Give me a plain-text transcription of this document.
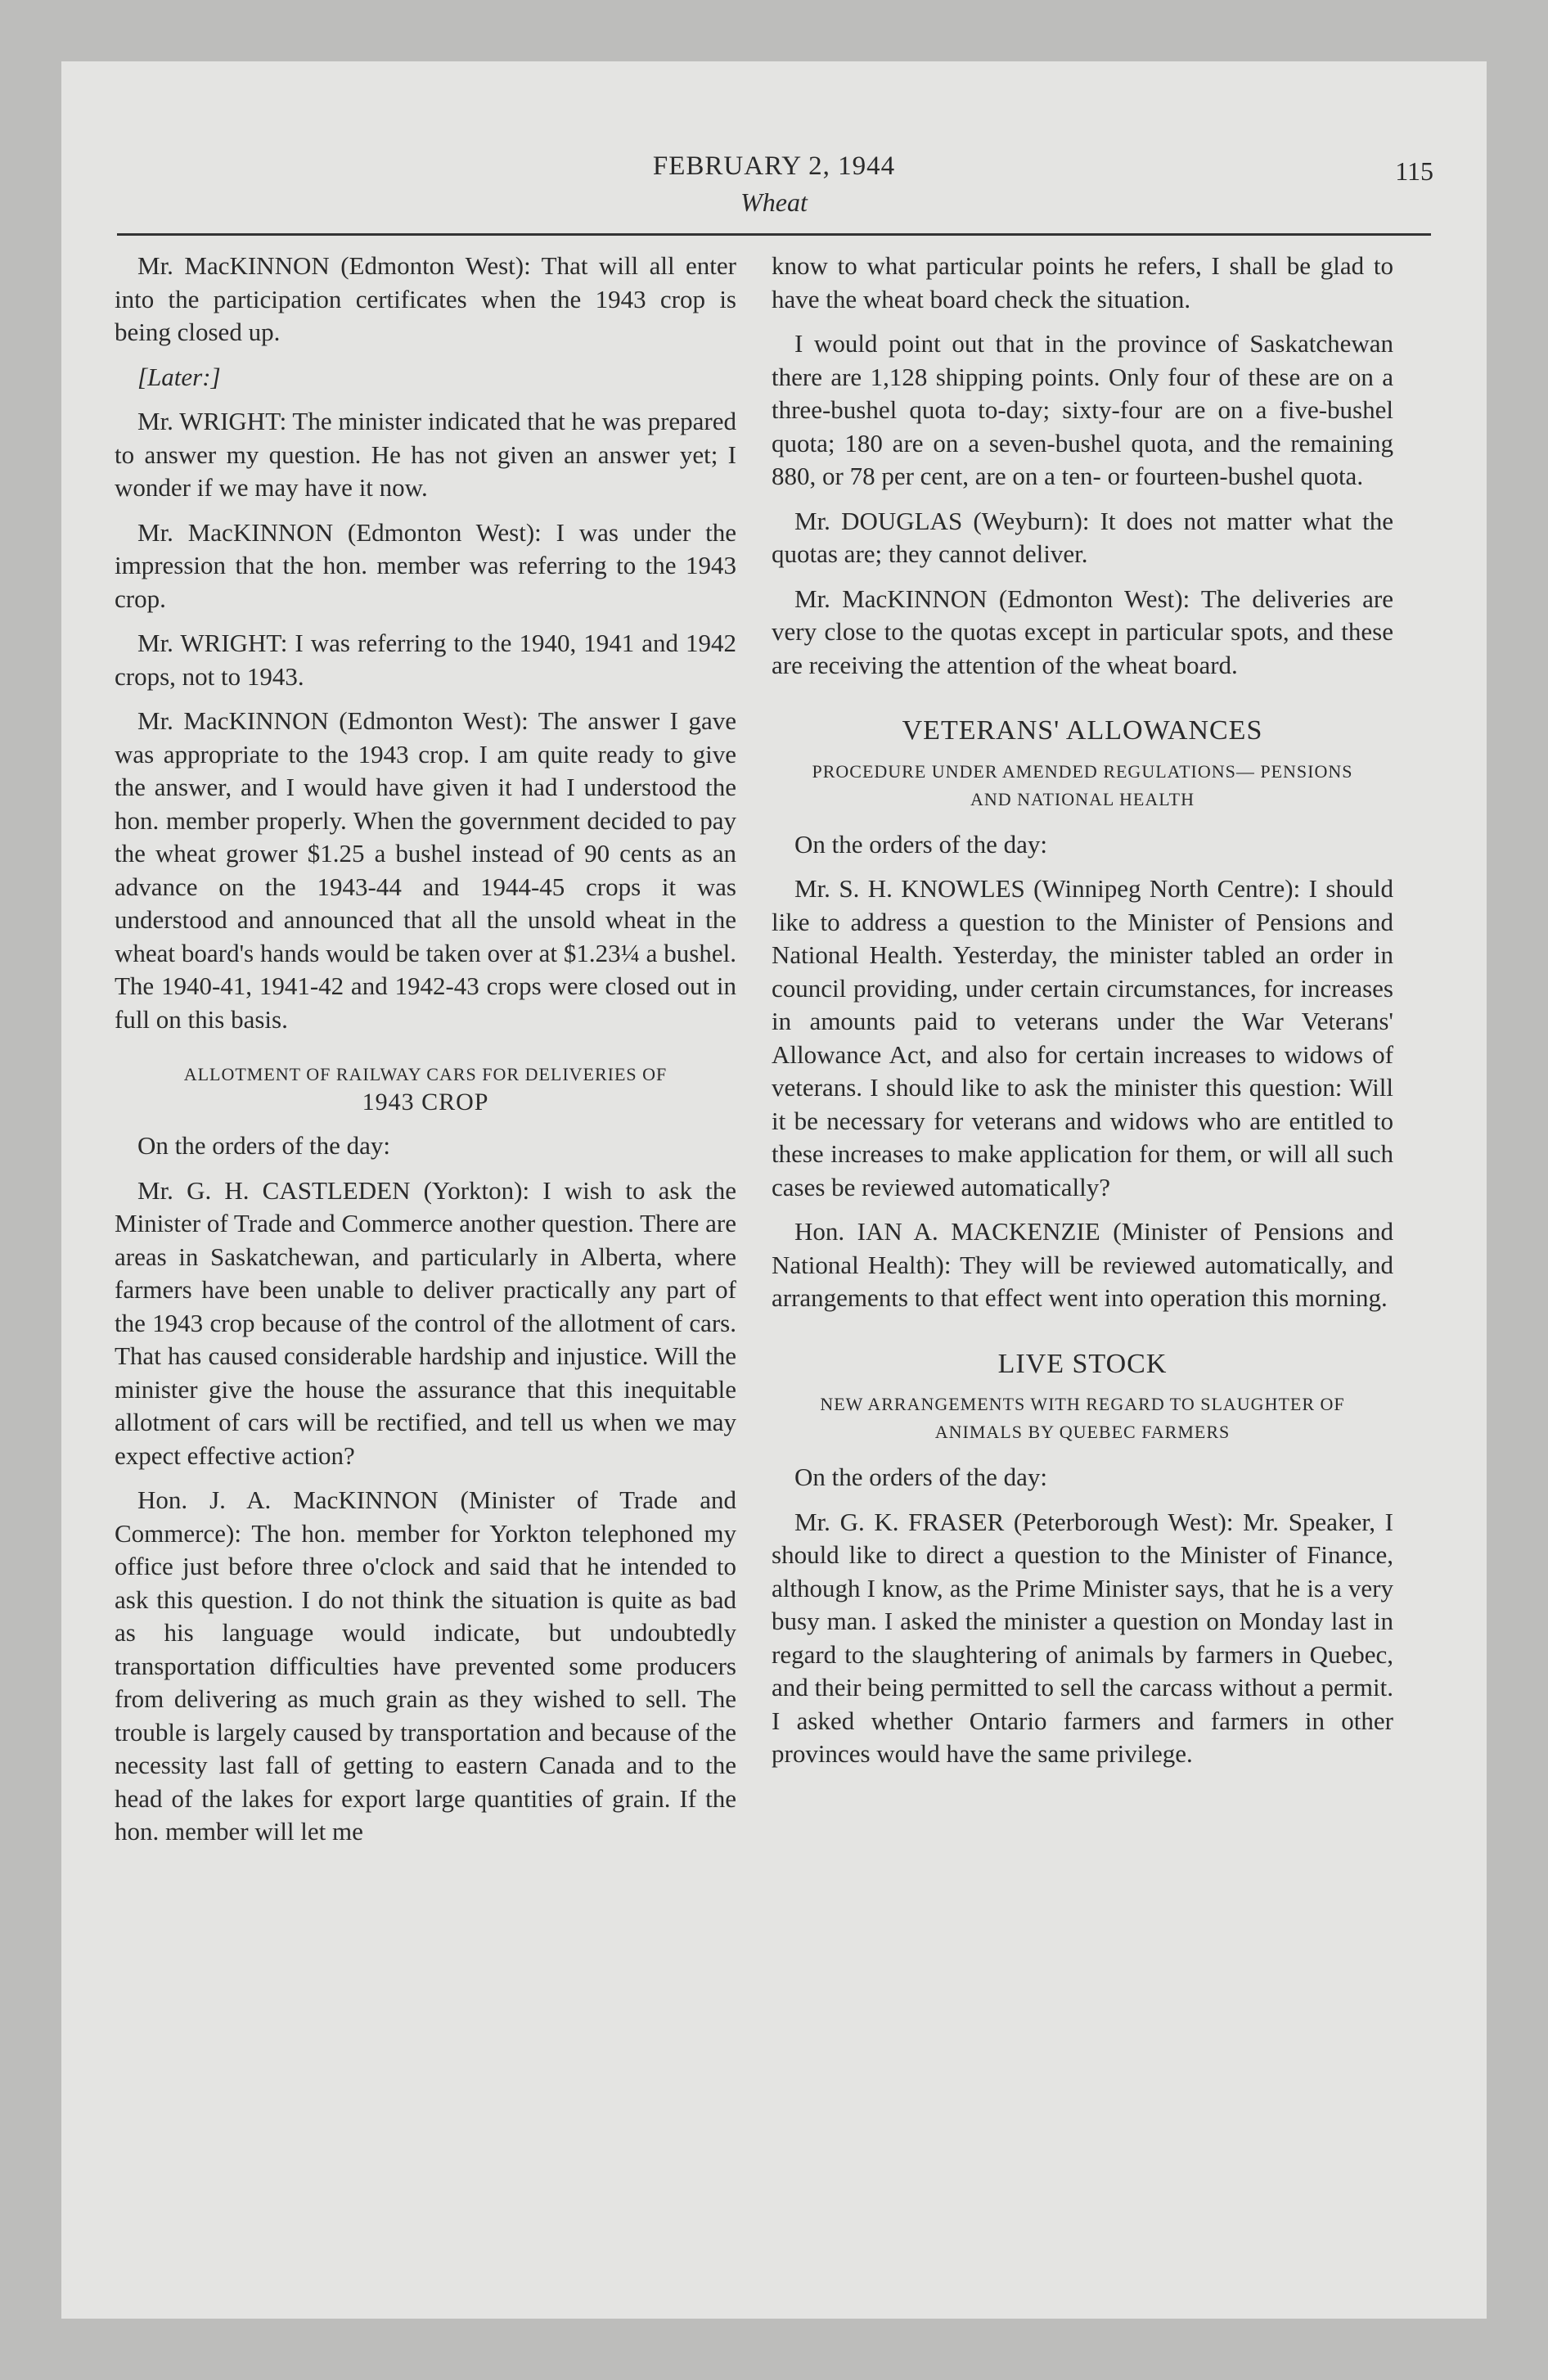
FEBRUARY 2, 1944
Wheat
115

Mr. MacKINNON (Edmonton West): That will all enter into the participation certificates when the 1943 crop is being closed up.

[Later:]

Mr. WRIGHT: The minister indicated that he was prepared to answer my question. He has not given an answer yet; I wonder if we may have it now.

Mr. MacKINNON (Edmonton West): I was under the impression that the hon. member was referring to the 1943 crop.

Mr. WRIGHT: I was referring to the 1940, 1941 and 1942 crops, not to 1943.

Mr. MacKINNON (Edmonton West): The answer I gave was appropriate to the 1943 crop. I am quite ready to give the answer, and I would have given it had I understood the hon. member properly. When the government decided to pay the wheat grower $1.25 a bushel instead of 90 cents as an advance on the 1943-44 and 1944-45 crops it was understood and announced that all the unsold wheat in the wheat board's hands would be taken over at $1.23¼ a bushel. The 1940-41, 1941-42 and 1942-43 crops were closed out in full on this basis.

ALLOTMENT OF RAILWAY CARS FOR DELIVERIES OF
1943 CROP

On the orders of the day:

Mr. G. H. CASTLEDEN (Yorkton): I wish to ask the Minister of Trade and Commerce another question. There are areas in Saskatchewan, and particularly in Alberta, where farmers have been unable to deliver practically any part of the 1943 crop because of the control of the allotment of cars. That has caused considerable hardship and injustice. Will the minister give the house the assurance that this inequitable allotment of cars will be rectified, and tell us when we may expect effective action?

Hon. J. A. MacKINNON (Minister of Trade and Commerce): The hon. member for Yorkton telephoned my office just before three o'clock and said that he intended to ask this question. I do not think the situation is quite as bad as his language would indicate, but undoubtedly transportation difficulties have prevented some producers from delivering as much grain as they wished to sell. The trouble is largely caused by transportation and because of the necessity last fall of getting to eastern Canada and to the head of the lakes for export large quantities of grain. If the hon. member will let me

know to what particular points he refers, I shall be glad to have the wheat board check the situation.

I would point out that in the province of Saskatchewan there are 1,128 shipping points. Only four of these are on a three-bushel quota to-day; sixty-four are on a five-bushel quota; 180 are on a seven-bushel quota, and the remaining 880, or 78 per cent, are on a ten- or fourteen-bushel quota.

Mr. DOUGLAS (Weyburn): It does not matter what the quotas are; they cannot deliver.

Mr. MacKINNON (Edmonton West): The deliveries are very close to the quotas except in particular spots, and these are receiving the attention of the wheat board.

VETERANS' ALLOWANCES
PROCEDURE UNDER AMENDED REGULATIONS— PENSIONS AND NATIONAL HEALTH

On the orders of the day:

Mr. S. H. KNOWLES (Winnipeg North Centre): I should like to address a question to the Minister of Pensions and National Health. Yesterday, the minister tabled an order in council providing, under certain circumstances, for increases in amounts paid to veterans under the War Veterans' Allowance Act, and also for certain increases to widows of veterans. I should like to ask the minister this question: Will it be necessary for veterans and widows who are entitled to these increases to make application for them, or will all such cases be reviewed automatically?

Hon. IAN A. MACKENZIE (Minister of Pensions and National Health): They will be reviewed automatically, and arrangements to that effect went into operation this morning.

LIVE STOCK
NEW ARRANGEMENTS WITH REGARD TO SLAUGHTER OF ANIMALS BY QUEBEC FARMERS

On the orders of the day:

Mr. G. K. FRASER (Peterborough West): Mr. Speaker, I should like to direct a question to the Minister of Finance, although I know, as the Prime Minister says, that he is a very busy man. I asked the minister a question on Monday last in regard to the slaughtering of animals by farmers in Quebec, and their being permitted to sell the carcass without a permit. I asked whether Ontario farmers and farmers in other provinces would have the same privilege.
